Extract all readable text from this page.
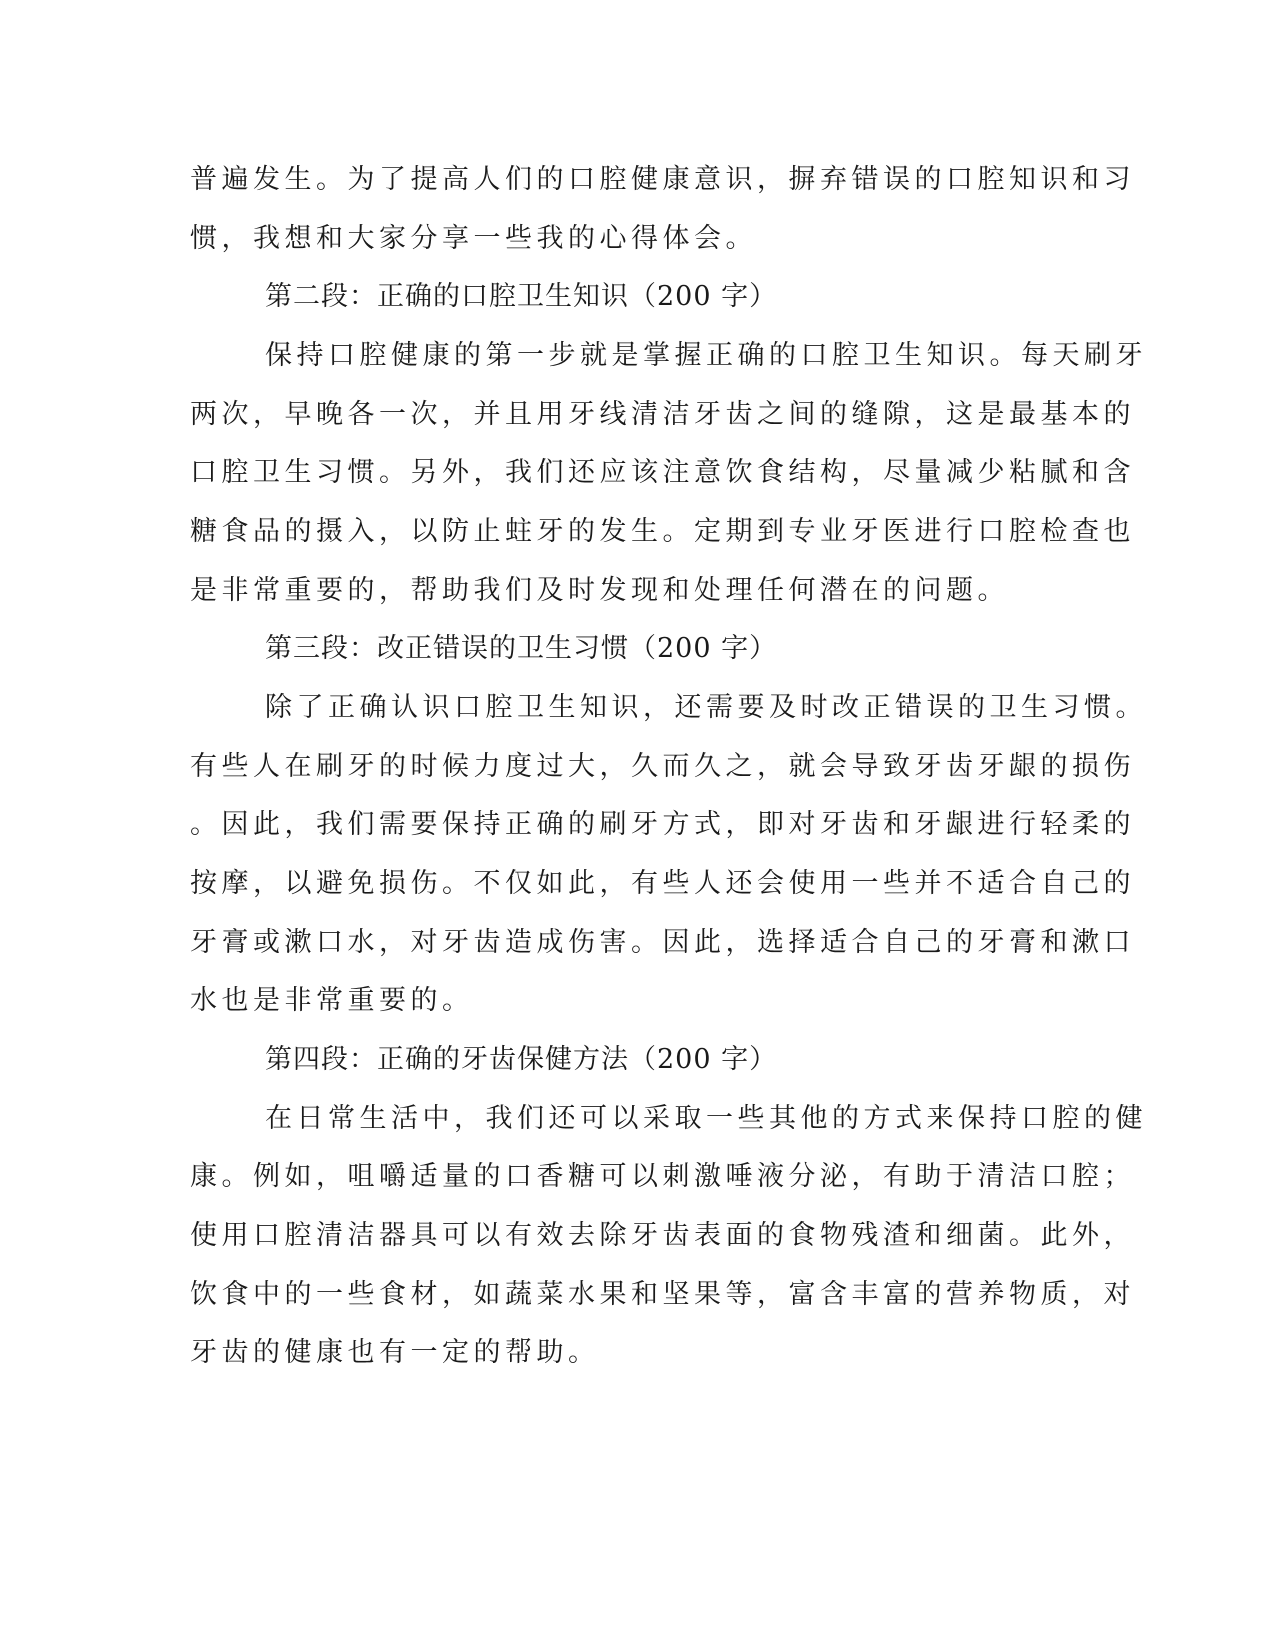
普遍发生。为了提高人们的口腔健康意识，摒弃错误的口腔知识和习
惯，我想和大家分享一些我的心得体会。
第二段：正确的口腔卫生知识（200 字）
保持口腔健康的第一步就是掌握正确的口腔卫生知识。每天刷牙
两次，早晚各一次，并且用牙线清洁牙齿之间的缝隙，这是最基本的
口腔卫生习惯。另外，我们还应该注意饮食结构，尽量减少粘腻和含
糖食品的摄入，以防止蛀牙的发生。定期到专业牙医进行口腔检查也
是非常重要的，帮助我们及时发现和处理任何潜在的问题。
第三段：改正错误的卫生习惯（200 字）
除了正确认识口腔卫生知识，还需要及时改正错误的卫生习惯。
有些人在刷牙的时候力度过大，久而久之，就会导致牙齿牙龈的损伤
。因此，我们需要保持正确的刷牙方式，即对牙齿和牙龈进行轻柔的
按摩，以避免损伤。不仅如此，有些人还会使用一些并不适合自己的
牙膏或漱口水，对牙齿造成伤害。因此，选择适合自己的牙膏和漱口
水也是非常重要的。
第四段：正确的牙齿保健方法（200 字）
在日常生活中，我们还可以采取一些其他的方式来保持口腔的健
康。例如，咀嚼适量的口香糖可以刺激唾液分泌，有助于清洁口腔；
使用口腔清洁器具可以有效去除牙齿表面的食物残渣和细菌。此外，
饮食中的一些食材，如蔬菜水果和坚果等，富含丰富的营养物质，对
牙齿的健康也有一定的帮助。
